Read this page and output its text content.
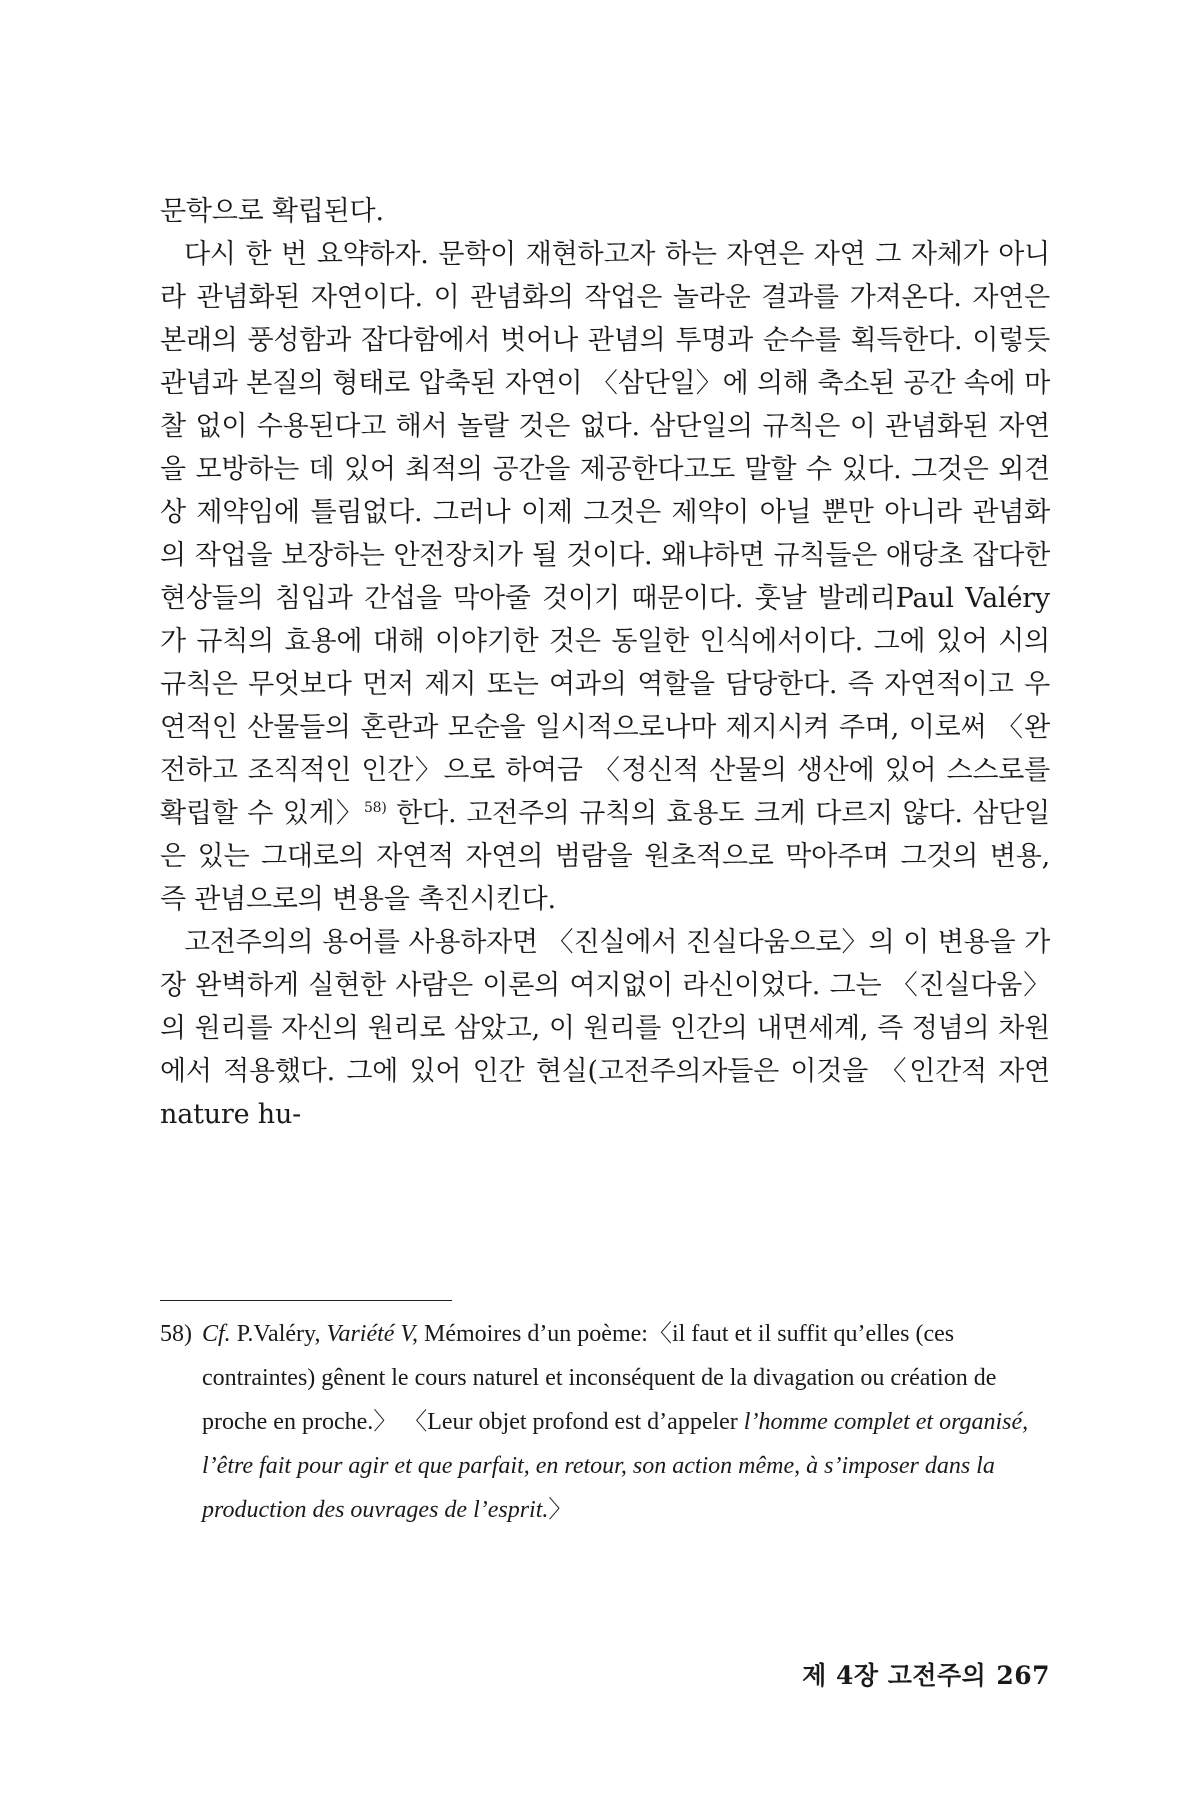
문학으로 확립된다.

다시 한 번 요약하자. 문학이 재현하고자 하는 자연은 자연 그 자체가 아니라 관념화된 자연이다. 이 관념화의 작업은 놀라운 결과를 가져온다. 자연은 본래의 풍성함과 잡다함에서 벗어나 관념의 투명과 순수를 획득한다. 이렇듯 관념과 본질의 형태로 압축된 자연이 〈삼단일〉에 의해 축소된 공간 속에 마찰 없이 수용된다고 해서 놀랄 것은 없다. 삼단일의 규칙은 이 관념화된 자연을 모방하는 데 있어 최적의 공간을 제공한다고도 말할 수 있다. 그것은 외견상 제약임에 틀림없다. 그러나 이제 그것은 제약이 아닐 뿐만 아니라 관념화의 작업을 보장하는 안전장치가 될 것이다. 왜냐하면 규칙들은 애당초 잡다한 현상들의 침입과 간섭을 막아줄 것이기 때문이다. 훗날 발레리Paul Valéry가 규칙의 효용에 대해 이야기한 것은 동일한 인식에서이다. 그에 있어 시의 규칙은 무엇보다 먼저 제지 또는 여과의 역할을 담당한다. 즉 자연적이고 우연적인 산물들의 혼란과 모순을 일시적으로나마 제지시켜 주며, 이로써 〈완전하고 조직적인 인간〉으로 하여금 〈정신적 산물의 생산에 있어 스스로를 확립할 수 있게〉$^{58)}$ 한다. 고전주의 규칙의 효용도 크게 다르지 않다. 삼단일은 있는 그대로의 자연적 자연의 범람을 원초적으로 막아주며 그것의 변용, 즉 관념으로의 변용을 촉진시킨다.

고전주의의 용어를 사용하자면 〈진실에서 진실다움으로〉의 이 변용을 가장 완벽하게 실현한 사람은 이론의 여지없이 라신이었다. 그는 〈진실다움〉의 원리를 자신의 원리로 삼았고, 이 원리를 인간의 내면세계, 즉 정념의 차원에서 적용했다. 그에 있어 인간 현실(고전주의자들은 이것을 〈인간적 자연nature hu-

58) Cf. P.Valéry, Variété V, Mémoires d’un poème:〈il faut et il suffit qu’elles (ces contraintes) gênent le cours naturel et inconséquent de la divagation ou création de proche en proche.〉 〈Leur objet profond est d’appeler l’homme complet et organisé, l’être fait pour agir et que parfait, en retour, son action même, à s’imposer dans la production des ouvrages de l’esprit.〉
제 4장 고전주의 267
